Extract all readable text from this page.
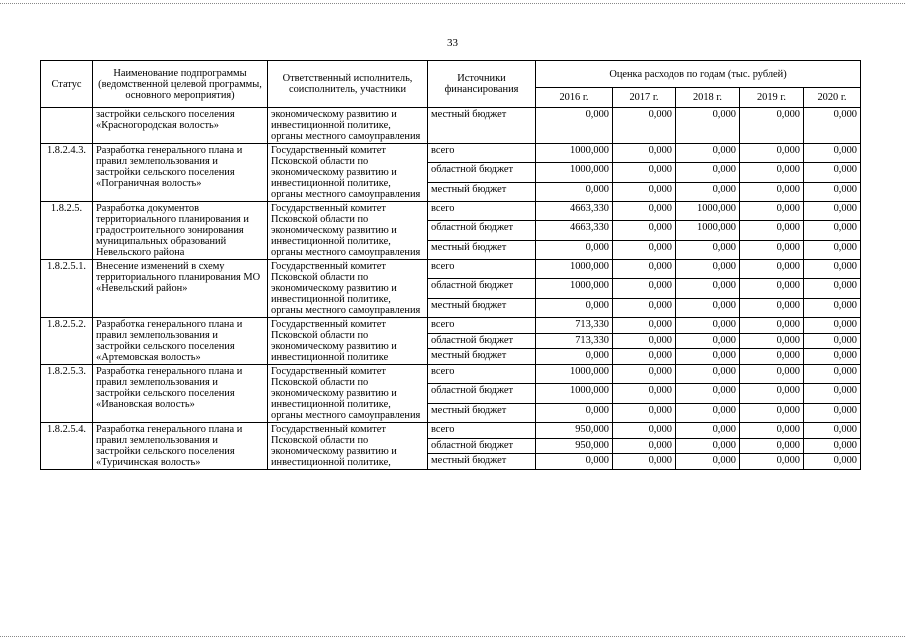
33
Статус	Наименование подпрограммы (ведомственной целевой программы, основного мероприятия)	Ответственный исполнитель, соисполнитель, участники	Источники финансирования	Оценка расходов по годам (тыс. рублей)				
				2016 г.	2017 г.	2018 г.	2019 г.	2020 г.
	застройки сельского поселения «Красногородская волость»	экономическому развитию и инвестиционной политике, органы местного самоуправления	местный бюджет	0,000	0,000	0,000	0,000	0,000
1.8.2.4.3.	Разработка генерального плана и правил землепользования и застройки сельского поселения «Пограничная волость»	Государственный комитет Псковской области по экономическому развитию и инвестиционной политике, органы местного самоуправления	всего	1000,000	0,000	0,000	0,000	0,000
			областной бюджет	1000,000	0,000	0,000	0,000	0,000
			местный бюджет	0,000	0,000	0,000	0,000	0,000
1.8.2.5.	Разработка документов территориального планирования и градостроительного зонирования муниципальных образований Невельского района	Государственный комитет Псковской области по экономическому развитию и инвестиционной политике, органы местного самоуправления	всего	4663,330	0,000	1000,000	0,000	0,000
			областной бюджет	4663,330	0,000	1000,000	0,000	0,000
			местный бюджет	0,000	0,000	0,000	0,000	0,000
1.8.2.5.1.	Внесение изменений в схему территориального планирования МО «Невельский район»	Государственный комитет Псковской области по экономическому развитию и инвестиционной политике, органы местного самоуправления	всего	1000,000	0,000	0,000	0,000	0,000
			областной бюджет	1000,000	0,000	0,000	0,000	0,000
			местный бюджет	0,000	0,000	0,000	0,000	0,000
1.8.2.5.2.	Разработка генерального плана и правил землепользования и застройки сельского поселения «Артемовская волость»	Государственный комитет Псковской области по экономическому развитию и инвестиционной политике	всего	713,330	0,000	0,000	0,000	0,000
			областной бюджет	713,330	0,000	0,000	0,000	0,000
			местный бюджет	0,000	0,000	0,000	0,000	0,000
1.8.2.5.3.	Разработка генерального плана и правил землепользования и застройки сельского поселения «Ивановская волость»	Государственный комитет Псковской области по экономическому развитию и инвестиционной политике, органы местного самоуправления	всего	1000,000	0,000	0,000	0,000	0,000
			областной бюджет	1000,000	0,000	0,000	0,000	0,000
			местный бюджет	0,000	0,000	0,000	0,000	0,000
1.8.2.5.4.	Разработка генерального плана и правил землепользования и застройки сельского поселения «Туричинская волость»	Государственный комитет Псковской области по экономическому развитию и инвестиционной политике,	всего	950,000	0,000	0,000	0,000	0,000
			областной бюджет	950,000	0,000	0,000	0,000	0,000
			местный бюджет	0,000	0,000	0,000	0,000	0,000
